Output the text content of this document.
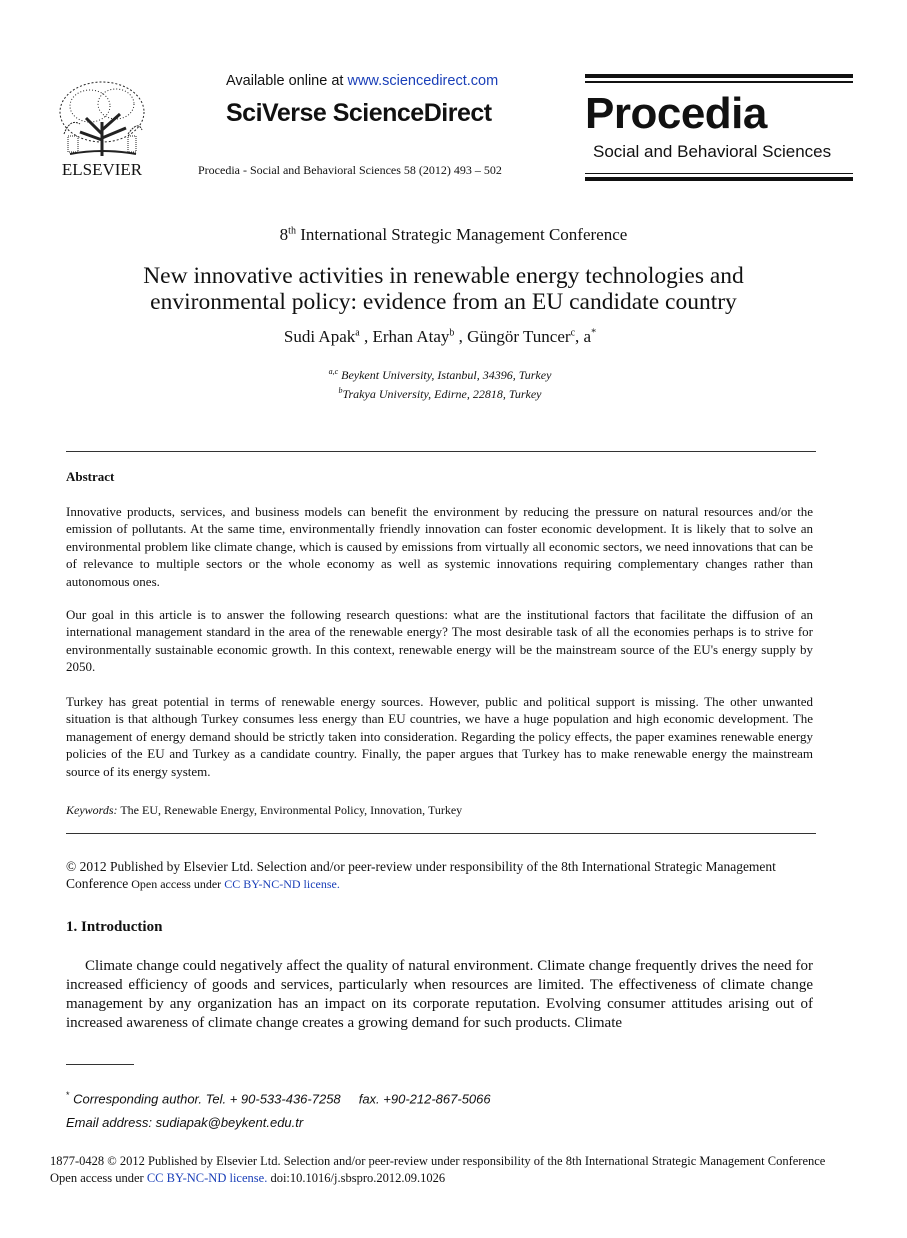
ELSEVIER
Available online at www.sciencedirect.com
SciVerse ScienceDirect
Procedia - Social and Behavioral Sciences 58 (2012) 493 – 502
Procedia
Social and Behavioral Sciences
8th International Strategic Management Conference
New innovative activities in renewable energy technologies and
environmental policy: evidence from an EU candidate country
Sudi Apak$^a$ , Erhan Atay$^b$ , Güngör Tuncer$^c$, a*
$^{a,c}$ Beykent University, Istanbul, 34396, Turkey
$^b$Trakya University, Edirne, 22818, Turkey
Abstract
Innovative products, services, and business models can benefit the environment by reducing the pressure on natural resources and/or the emission of pollutants. At the same time, environmentally friendly innovation can foster economic development. It is likely that to solve an environmental problem like climate change, which is caused by emissions from virtually all economic sectors, we need innovations that can be of relevance to multiple sectors or the whole economy as well as systemic innovations requiring complementary changes rather than autonomous ones.
Our goal in this article is to answer the following research questions: what are the institutional factors that facilitate the diffusion of an international management standard in the area of the renewable energy? The most desirable task of all the economies perhaps is to strive for environmentally sustainable economic growth. In this context, renewable energy will be the mainstream source of the EU's energy supply by 2050.
Turkey has great potential in terms of renewable energy sources. However, public and political support is missing. The other unwanted situation is that although Turkey consumes less energy than EU countries, we have a huge population and high economic development. The management of energy demand should be strictly taken into consideration. Regarding the policy effects, the paper examines renewable energy policies of the EU and Turkey as a candidate country. Finally, the paper argues that Turkey has to make renewable energy the mainstream source of its energy system.
Keywords: The EU, Renewable Energy, Environmental Policy, Innovation, Turkey
© 2012 Published by Elsevier Ltd. Selection and/or peer-review under responsibility of the 8th International Strategic Management Conference Open access under CC BY-NC-ND license.
1. Introduction
Climate change could negatively affect the quality of natural environment. Climate change frequently drives the need for increased efficiency of goods and services, particularly when resources are limited. The effectiveness of climate change management by any organization has an impact on its corporate reputation. Evolving consumer attitudes arising out of increased awareness of climate change creates a growing demand for such products. Climate
* Corresponding author. Tel. + 90-533-436-7258     fax. +90-212-867-5066
Email address: sudiapak@beykent.edu.tr
1877-0428 © 2012 Published by Elsevier Ltd. Selection and/or peer-review under responsibility of the 8th International Strategic Management Conference
Open access under CC BY-NC-ND license. doi:10.1016/j.sbspro.2012.09.1026
